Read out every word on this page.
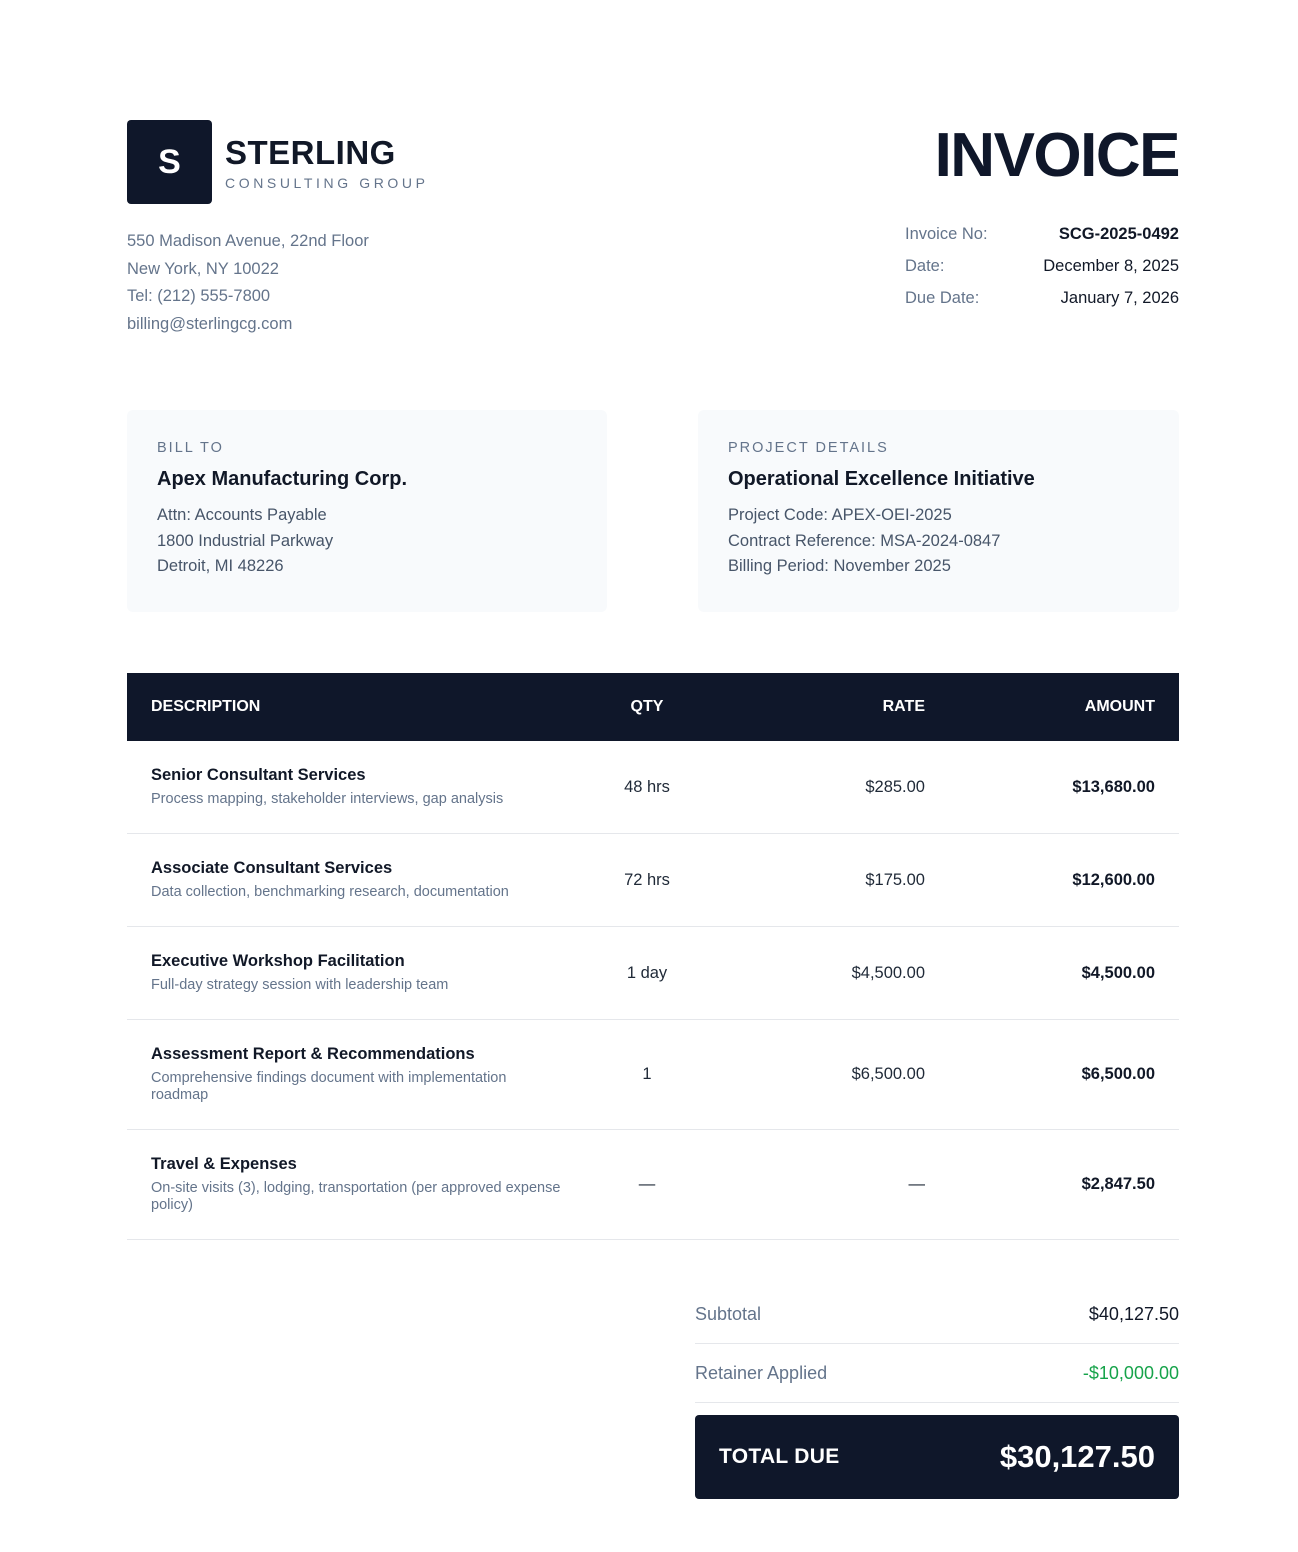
S STERLING
CONSULTING GROUP
550 Madison Avenue, 22nd Floor
New York, NY 10022
Tel: (212) 555-7800
billing@sterlingcg.com
INVOICE
Invoice No:	SCG-2025-0492
Date:	December 8, 2025
Due Date:	January 7, 2026
BILL TO
Apex Manufacturing Corp.
Attn: Accounts Payable
1800 Industrial Parkway
Detroit, MI 48226
PROJECT DETAILS
Operational Excellence Initiative
Project Code: APEX-OEI-2025
Contract Reference: MSA-2024-0847
Billing Period: November 2025
DESCRIPTION	QTY	RATE	AMOUNT
Senior Consultant Services
Process mapping, stakeholder interviews, gap analysis
48 hrs	$285.00	$13,680.00
Associate Consultant Services
Data collection, benchmarking research, documentation
72 hrs	$175.00	$12,600.00
Executive Workshop Facilitation
Full-day strategy session with leadership team
1 day	$4,500.00	$4,500.00
Assessment Report & Recommendations
Comprehensive findings document with implementation roadmap
1	$6,500.00	$6,500.00
Travel & Expenses
On-site visits (3), lodging, transportation (per approved expense policy)
—	—	$2,847.50
Subtotal	$40,127.50
Retainer Applied	-$10,000.00
TOTAL DUE	$30,127.50
